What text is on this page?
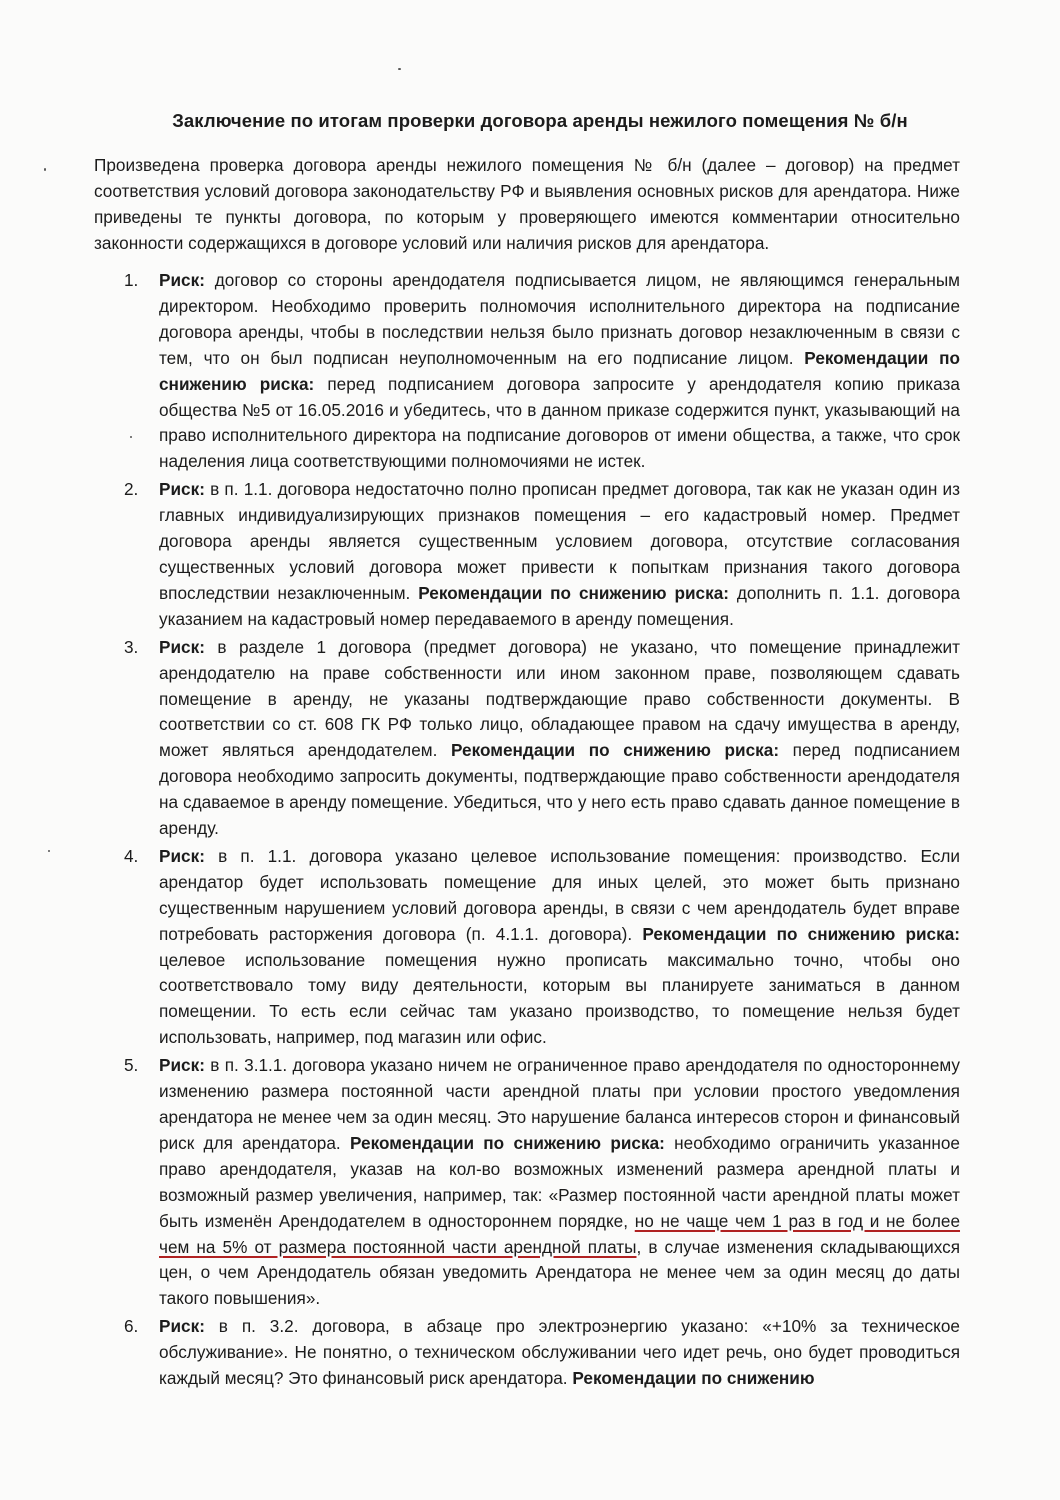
Заключение по итогам проверки договора аренды нежилого помещения № б/н

Произведена проверка договора аренды нежилого помещения № б/н (далее – договор) на предмет соответствия условий договора законодательству РФ и выявления основных рисков для арендатора. Ниже приведены те пункты договора, по которым у проверяющего имеются комментарии относительно законности содержащихся в договоре условий или наличия рисков для арендатора.

1.	Риск: договор со стороны арендодателя подписывается лицом, не являющимся генеральным директором. Необходимо проверить полномочия исполнительного директора на подписание договора аренды, чтобы в последствии нельзя было признать договор незаключенным в связи с тем, что он был подписан неуполномоченным на его подписание лицом. Рекомендации по снижению риска: перед подписанием договора запросите у арендодателя копию приказа общества №5 от 16.05.2016 и убедитесь, что в данном приказе содержится пункт, указывающий на право исполнительного директора на подписание договоров от имени общества, а также, что срок наделения лица соответствующими полномочиями не истек.
2.	Риск: в п. 1.1. договора недостаточно полно прописан предмет договора, так как не указан один из главных индивидуализирующих признаков помещения – его кадастровый номер. Предмет договора аренды является существенным условием договора, отсутствие согласования существенных условий договора может привести к попыткам признания такого договора впоследствии незаключенным. Рекомендации по снижению риска: дополнить п. 1.1. договора указанием на кадастровый номер передаваемого в аренду помещения.
3.	Риск: в разделе 1 договора (предмет договора) не указано, что помещение принадлежит арендодателю на праве собственности или ином законном праве, позволяющем сдавать помещение в аренду, не указаны подтверждающие право собственности документы. В соответствии со ст. 608 ГК РФ только лицо, обладающее правом на сдачу имущества в аренду, может являться арендодателем. Рекомендации по снижению риска: перед подписанием договора необходимо запросить документы, подтверждающие право собственности арендодателя на сдаваемое в аренду помещение. Убедиться, что у него есть право сдавать данное помещение в аренду.
4.	Риск: в п. 1.1. договора указано целевое использование помещения: производство. Если арендатор будет использовать помещение для иных целей, это может быть признано существенным нарушением условий договора аренды, в связи с чем арендодатель будет вправе потребовать расторжения договора (п. 4.1.1. договора). Рекомендации по снижению риска: целевое использование помещения нужно прописать максимально точно, чтобы оно соответствовало тому виду деятельности, которым вы планируете заниматься в данном помещении. То есть если сейчас там указано производство, то помещение нельзя будет использовать, например, под магазин или офис.
5.	Риск: в п. 3.1.1. договора указано ничем не ограниченное право арендодателя по одностороннему изменению размера постоянной части арендной платы при условии простого уведомления арендатора не менее чем за один месяц. Это нарушение баланса интересов сторон и финансовый риск для арендатора. Рекомендации по снижению риска: необходимо ограничить указанное право арендодателя, указав на кол-во возможных изменений размера арендной платы и возможный размер увеличения, например, так: «Размер постоянной части арендной платы может быть изменён Арендодателем в одностороннем порядке, но не чаще чем 1 раз в год и не более чем на 5% от размера постоянной части арендной платы, в случае изменения складывающихся цен, о чем Арендодатель обязан уведомить Арендатора не менее чем за один месяц до даты такого повышения».
6.	Риск: в п. 3.2. договора, в абзаце про электроэнергию указано: «+10% за техническое обслуживание». Не понятно, о техническом обслуживании чего идет речь, оно будет проводиться каждый месяц? Это финансовый риск арендатора. Рекомендации по снижению
